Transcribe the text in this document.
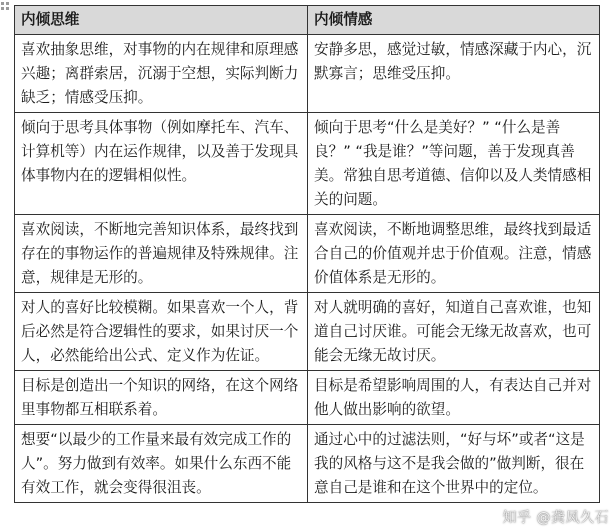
内倾思维	内倾情感
喜欢抽象思维，对事物的内在规律和原理感兴趣；离群索居，沉溺于空想，实际判断力缺乏；情感受压抑。	安静多思，感觉过敏，情感深藏于内心，沉默寡言；思维受压抑。
倾向于思考具体事物（例如摩托车、汽车、计算机等）内在运作规律，以及善于发现具体事物内在的逻辑相似性。	倾向于思考“什么是美好？” “什么是善良？” “我是谁？”等问题，善于发现真善美。常独自思考道德、信仰以及人类情感相关的问题。
喜欢阅读，不断地完善知识体系，最终找到存在的事物运作的普遍规律及特殊规律。注意，规律是无形的。	喜欢阅读，不断地调整思维，最终找到最适合自己的价值观并忠于价值观。注意，情感价值体系是无形的。
对人的喜好比较模糊。如果喜欢一个人，背后必然是符合逻辑性的要求，如果讨厌一个人，必然能给出公式、定义作为佐证。	对人就明确的喜好，知道自己喜欢谁，也知道自己讨厌谁。可能会无缘无故喜欢，也可能会无缘无故讨厌。
目标是创造出一个知识的网络，在这个网络里事物都互相联系着。	目标是希望影响周围的人，有表达自己并对他人做出影响的欲望。
想要“以最少的工作量来最有效完成工作的人”。努力做到有效率。如果什么东西不能有效工作，就会变得很沮丧。	通过心中的过滤法则，“好与坏”或者“这是我的风格与这不是我会做的”做判断，很在意自己是谁和在这个世界中的定位。
知乎 @龚凤久石
